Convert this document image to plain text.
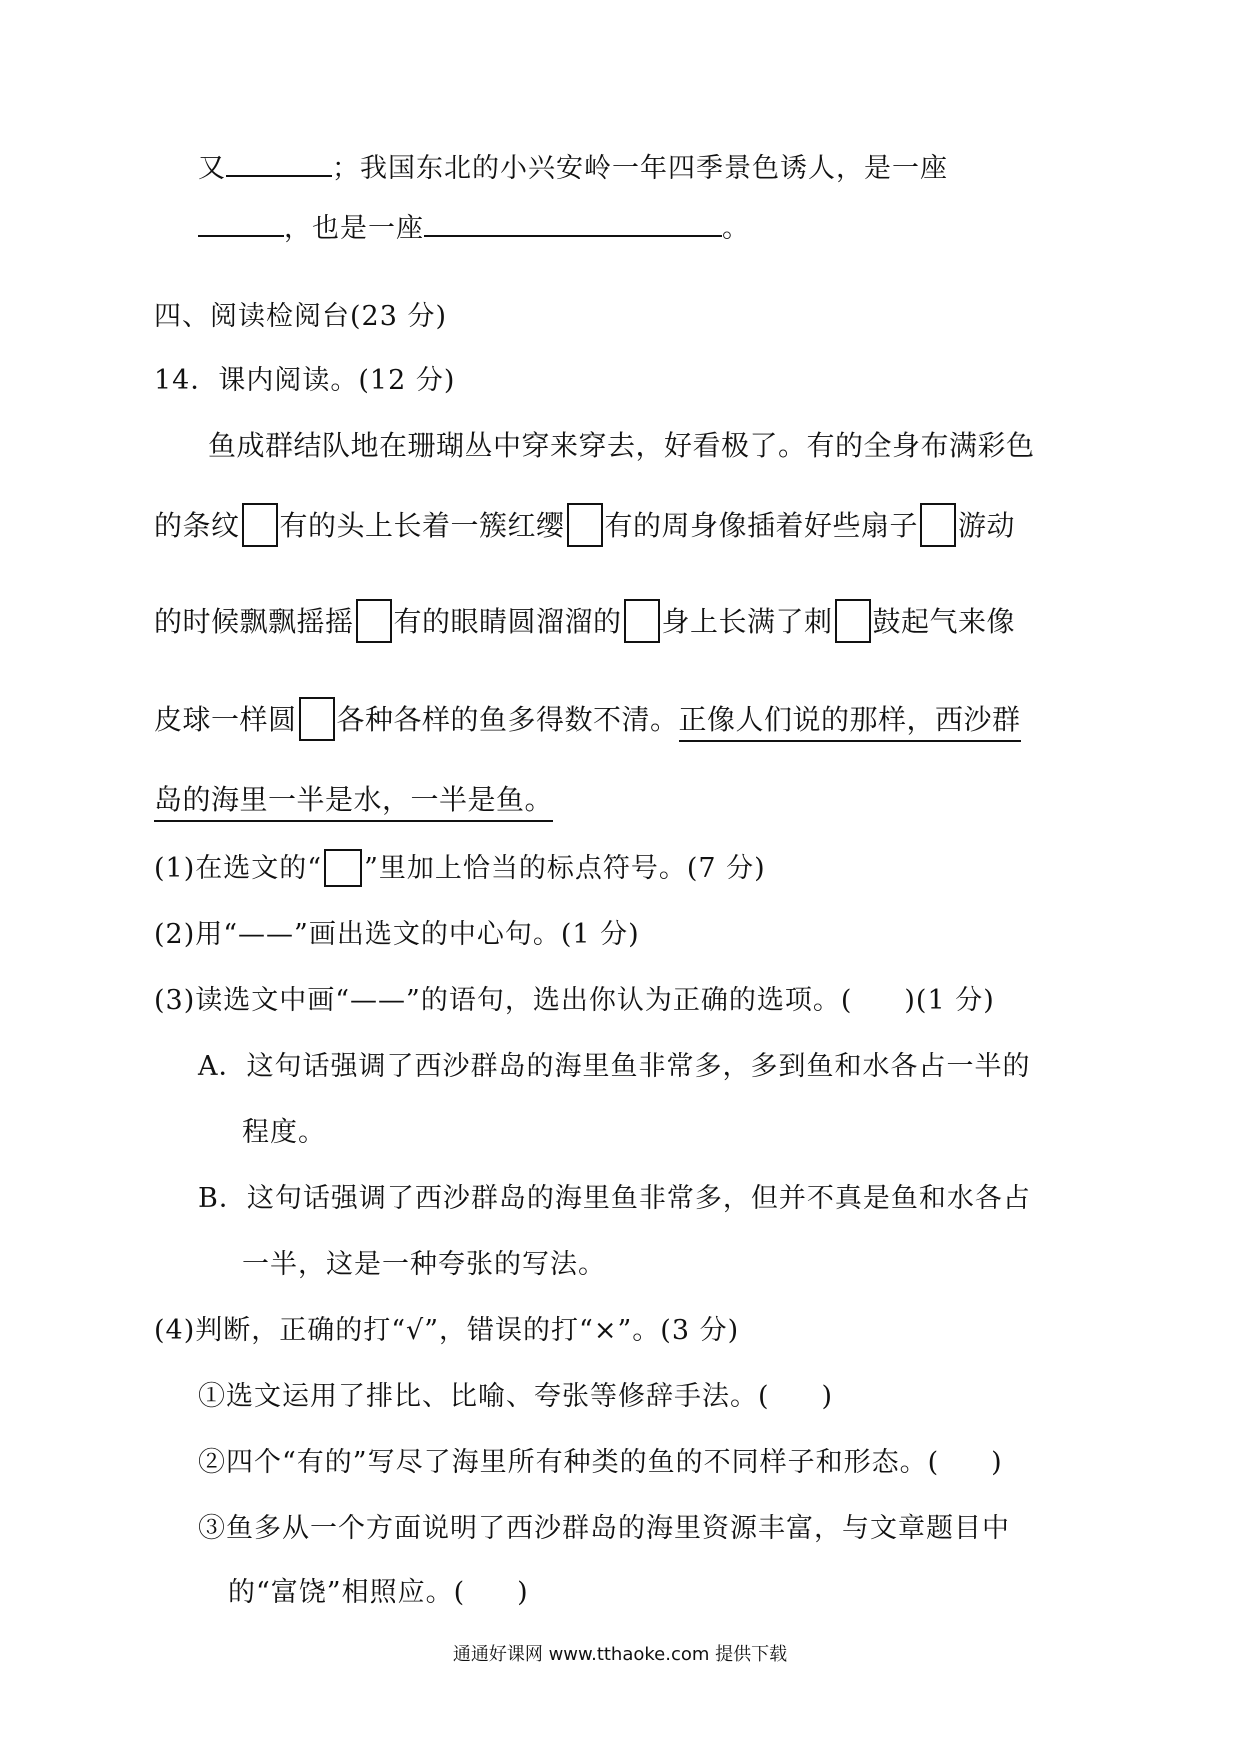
又	；我国东北的小兴安岭一年四季景色诱人，是一座
，也是一座	。
四、阅读检阅台(23 分)
14．课内阅读。(12 分)
鱼成群结队地在珊瑚丛中穿来穿去，好看极了。有的全身布满彩色
的条纹 有的头上长着一簇红缨 有的周身像插着好些扇子 游动
的时候飘飘摇摇 有的眼睛圆溜溜的 身上长满了刺 鼓起气来像
皮球一样圆 各种各样的鱼多得数不清。正像人们说的那样，西沙群
岛的海里一半是水，一半是鱼。
(1)在选文的“ ”里加上恰当的标点符号。(7 分)
(2)用“——”画出选文的中心句。(1 分)
(3)读选文中画“——”的语句，选出你认为正确的选项。( )(1 分)
A．这句话强调了西沙群岛的海里鱼非常多，多到鱼和水各占一半的
程度。
B．这句话强调了西沙群岛的海里鱼非常多，但并不真是鱼和水各占
一半，这是一种夸张的写法。
(4)判断，正确的打“√”，错误的打“×”。(3 分)
①选文运用了排比、比喻、夸张等修辞手法。( )
②四个“有的”写尽了海里所有种类的鱼的不同样子和形态。( )
③鱼多从一个方面说明了西沙群岛的海里资源丰富，与文章题目中
的“富饶”相照应。( )
通通好课网 www.tthaoke.com 提供下载
